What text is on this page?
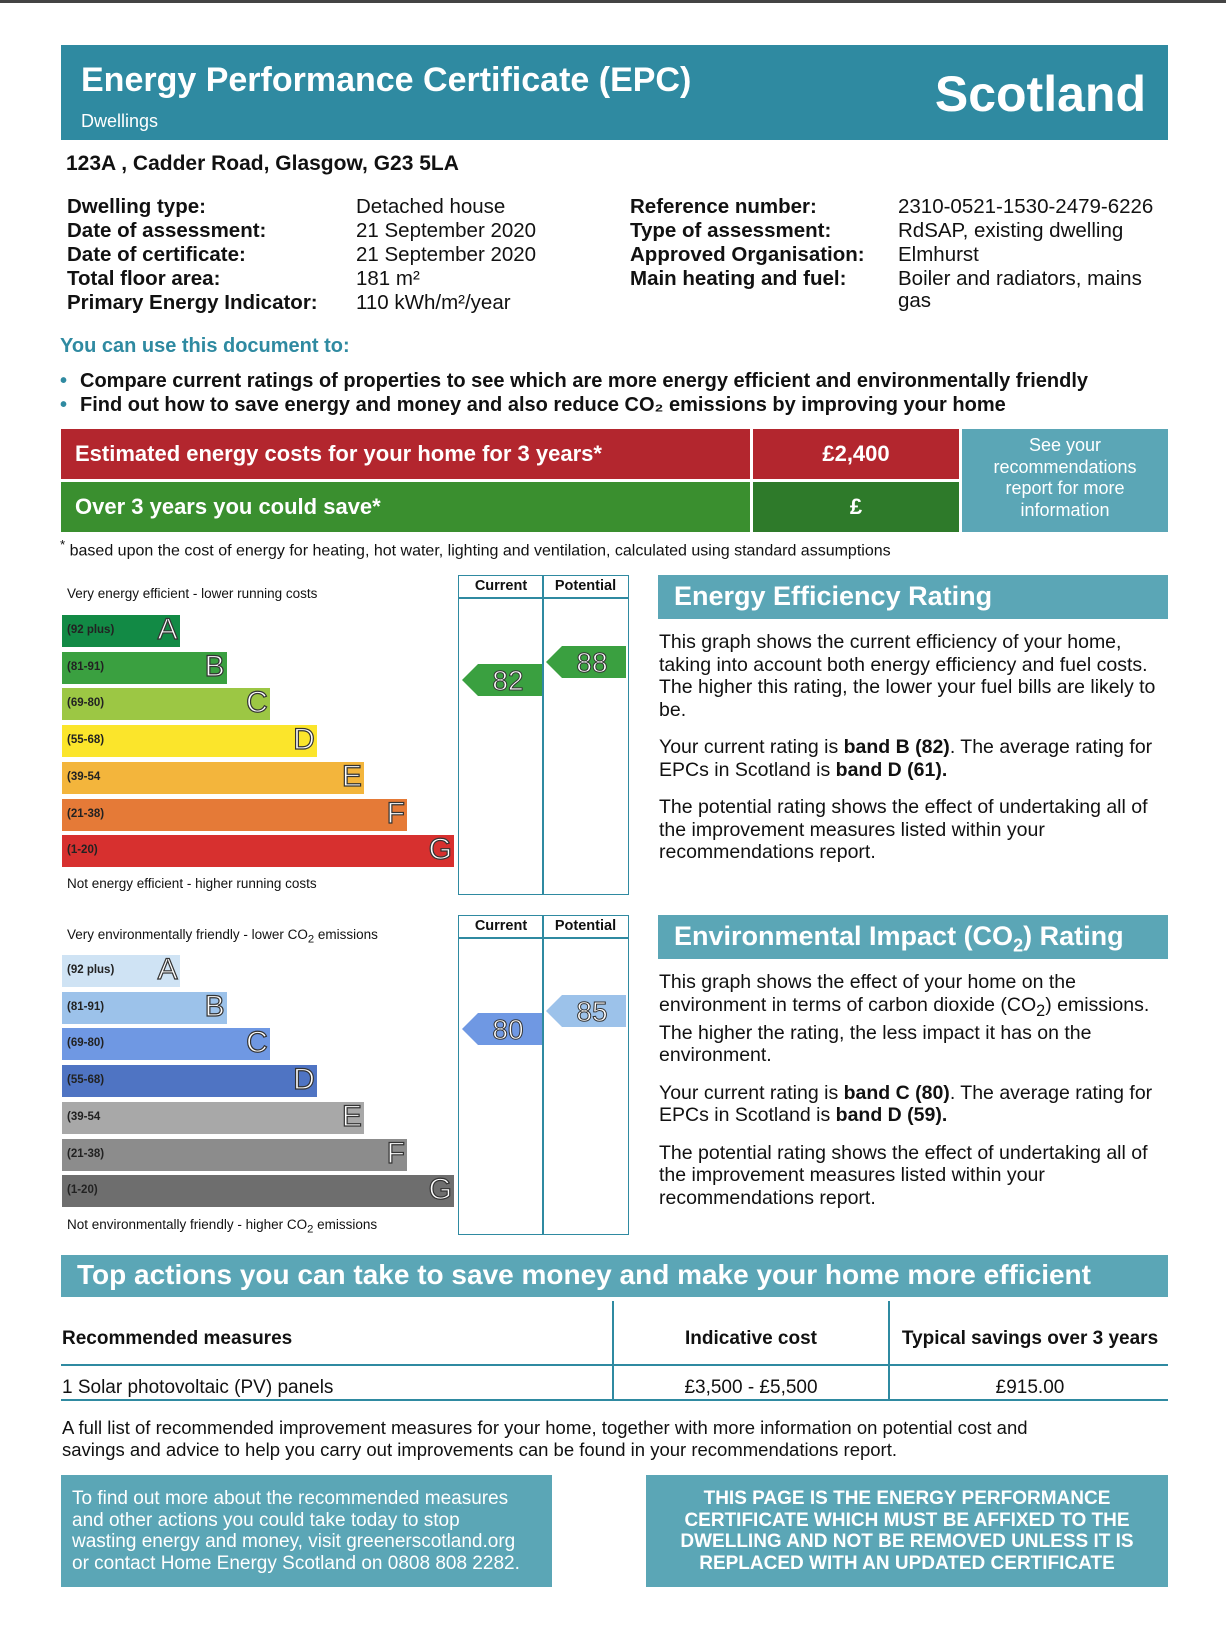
Energy Performance Certificate (EPC)
Dwellings	Scotland
123A , Cadder Road, Glasgow, G23 5LA
Dwelling type:	Detached house
Date of assessment:	21 September 2020
Date of certificate:	21 September 2020
Total floor area:	181 m²
Primary Energy Indicator: 110 kWh/m²/year
Reference number:	2310-0521-1530-2479-6226
Type of assessment:	RdSAP, existing dwelling
Approved Organisation: Elmhurst
Main heating and fuel:	Boiler and radiators, mains
gas
You can use this document to:
• Compare current ratings of properties to see which are more energy efficient and environmentally friendly
• Find out how to save energy and money and also reduce CO₂ emissions by improving your home
Estimated energy costs for your home for 3 years*	£2,400
Over 3 years you could save*	£
See your
recommendations
report for more
information
* based upon the cost of energy for heating, hot water, lighting and ventilation, calculated using standard assumptions
Very energy efficient - lower running costs
Not energy efficient - higher running costs
Current	Potential
(92 plus) A
(81-91)	B
(69-80)	C
(55-68)	D
(39-54	E
(21-38)	F
(1-20)	G
82
88
Very environmentally friendly - lower $CO_2$ emissions
Not environmentally friendly - higher $CO_2$ emissions
Current	Potential
(92 plus) A
(81-91)	B
(69-80)	C
(55-68)	D
(39-54	E
(21-38)	F
(1-20)	G
80
85
Energy Efficiency Rating

This graph shows the current efficiency of your home, taking into account both energy efficiency and fuel costs. The higher this rating, the lower your fuel bills are likely to be.

Your current rating is band B (82). The average rating for EPCs in Scotland is band D (61).

The potential rating shows the effect of undertaking all of the improvement measures listed within your recommendations report.

Environmental Impact $(CO_2)$ Rating

This graph shows the effect of your home on the environment in terms of carbon dioxide $(CO_2)$ emissions. The higher the rating, the less impact it has on the environment.

Your current rating is band C (80). The average rating for EPCs in Scotland is band D (59).

The potential rating shows the effect of undertaking all of the improvement measures listed within your recommendations report.

Top actions you can take to save money and make your home more efficient
Recommended measures	Indicative cost	Typical savings over 3 years
1 Solar photovoltaic (PV) panels	£3,500 - £5,500	£915.00
A full list of recommended improvement measures for your home, together with more information on potential cost and
savings and advice to help you carry out improvements can be found in your recommendations report.
To find out more about the recommended measures
and other actions you could take today to stop
wasting energy and money, visit greenerscotland.org
or contact Home Energy Scotland on 0808 808 2282.
THIS PAGE IS THE ENERGY PERFORMANCE
CERTIFICATE WHICH MUST BE AFFIXED TO THE
DWELLING AND NOT BE REMOVED UNLESS IT IS
REPLACED WITH AN UPDATED CERTIFICATE
